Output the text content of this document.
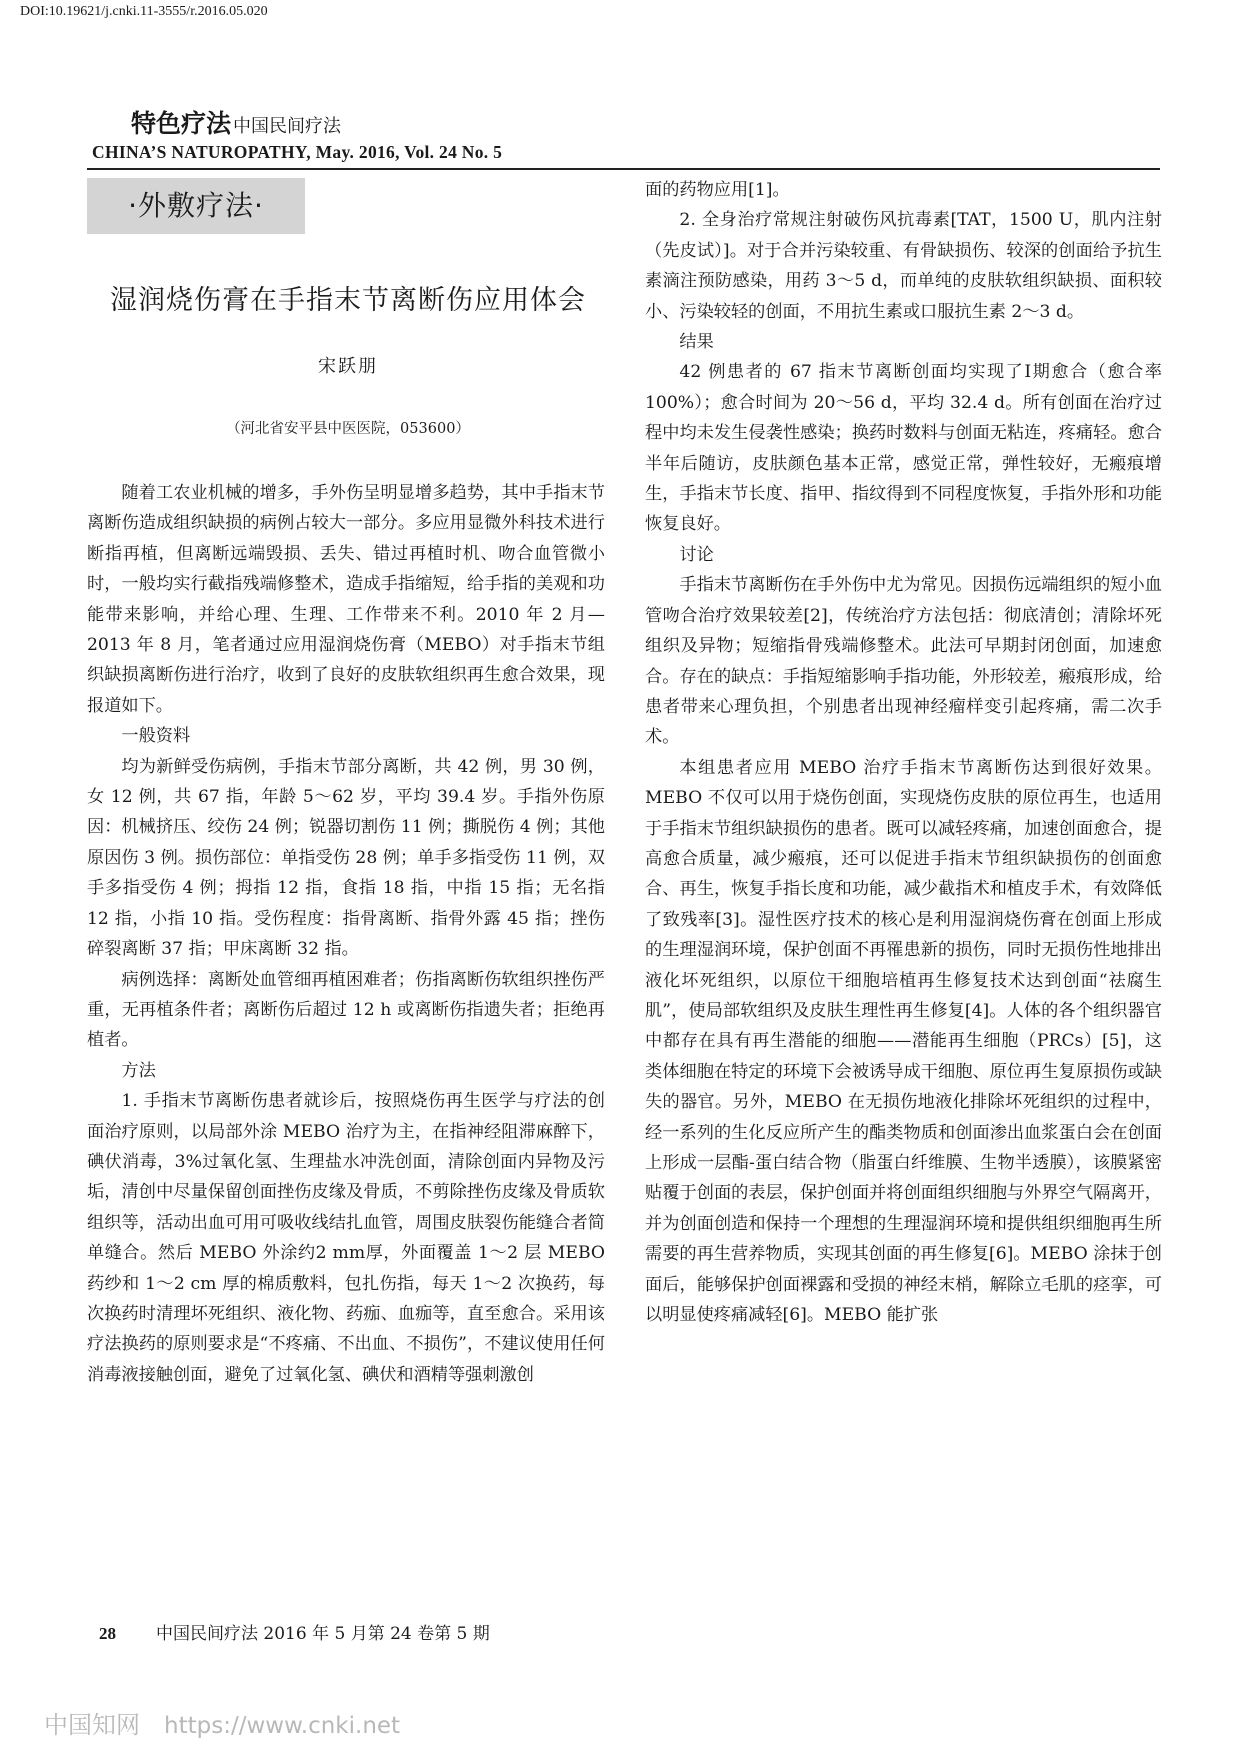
DOI:10.19621/j.cnki.11-3555/r.2016.05.020
特色疗法 中国民间疗法
CHINA’S NATUROPATHY, May. 2016, Vol. 24 No. 5
·外敷疗法·
湿润烧伤膏在手指末节离断伤应用体会
宋跃朋
（河北省安平县中医医院，053600）

随着工农业机械的增多，手外伤呈明显增多趋势，其中手指末节离断伤造成组织缺损的病例占较大一部分。多应用显微外科技术进行断指再植，但离断远端毁损、丢失、错过再植时机、吻合血管微小时，一般均实行截指残端修整术，造成手指缩短，给手指的美观和功能带来影响，并给心理、生理、工作带来不利。2010 年 2 月—2013 年 8 月，笔者通过应用湿润烧伤膏（MEBO）对手指末节组织缺损离断伤进行治疗，收到了良好的皮肤软组织再生愈合效果，现报道如下。

一般资料

均为新鲜受伤病例，手指末节部分离断，共 42 例，男 30 例，女 12 例，共 67 指，年龄 5～62 岁，平均 39.4 岁。手指外伤原因：机械挤压、绞伤 24 例；锐器切割伤 11 例；撕脱伤 4 例；其他原因伤 3 例。损伤部位：单指受伤 28 例；单手多指受伤 11 例，双手多指受伤 4 例；拇指 12 指，食指 18 指，中指 15 指；无名指 12 指，小指 10 指。受伤程度：指骨离断、指骨外露 45 指；挫伤碎裂离断 37 指；甲床离断 32 指。

病例选择：离断处血管细再植困难者；伤指离断伤软组织挫伤严重，无再植条件者；离断伤后超过 12 h 或离断伤指遗失者；拒绝再植者。

方法

1. 手指末节离断伤患者就诊后，按照烧伤再生医学与疗法的创面治疗原则，以局部外涂 MEBO 治疗为主，在指神经阻滞麻醉下，碘伏消毒，3%过氧化氢、生理盐水冲洗创面，清除创面内异物及污垢，清创中尽量保留创面挫伤皮缘及骨质，不剪除挫伤皮缘及骨质软组织等，活动出血可用可吸收线结扎血管，周围皮肤裂伤能缝合者简单缝合。然后 MEBO 外涂约2 mm厚，外面覆盖 1～2 层 MEBO 药纱和 1～2 cm 厚的棉质敷料，包扎伤指，每天 1～2 次换药，每次换药时清理坏死组织、液化物、药痂、血痂等，直至愈合。采用该疗法换药的原则要求是“不疼痛、不出血、不损伤”，不建议使用任何消毒液接触创面，避免了过氧化氢、碘伏和酒精等强刺激创

面的药物应用[1]。

2. 全身治疗常规注射破伤风抗毒素[TAT，1500 U，肌内注射（先皮试）]。对于合并污染较重、有骨缺损伤、较深的创面给予抗生素滴注预防感染，用药 3～5 d，而单纯的皮肤软组织缺损、面积较小、污染较轻的创面，不用抗生素或口服抗生素 2～3 d。

结果

42 例患者的 67 指末节离断创面均实现了Ⅰ期愈合（愈合率 100%）；愈合时间为 20～56 d，平均 32.4 d。所有创面在治疗过程中均未发生侵袭性感染；换药时数料与创面无粘连，疼痛轻。愈合半年后随访，皮肤颜色基本正常，感觉正常，弹性较好，无瘢痕增生，手指末节长度、指甲、指纹得到不同程度恢复，手指外形和功能恢复良好。

讨论

手指末节离断伤在手外伤中尤为常见。因损伤远端组织的短小血管吻合治疗效果较差[2]，传统治疗方法包括：彻底清创；清除坏死组织及异物；短缩指骨残端修整术。此法可早期封闭创面，加速愈合。存在的缺点：手指短缩影响手指功能，外形较差，瘢痕形成，给患者带来心理负担，个别患者出现神经瘤样变引起疼痛，需二次手术。

本组患者应用 MEBO 治疗手指末节离断伤达到很好效果。MEBO 不仅可以用于烧伤创面，实现烧伤皮肤的原位再生，也适用于手指末节组织缺损伤的患者。既可以减轻疼痛，加速创面愈合，提高愈合质量，减少瘢痕，还可以促进手指末节组织缺损伤的创面愈合、再生，恢复手指长度和功能，减少截指术和植皮手术，有效降低了致残率[3]。湿性医疗技术的核心是利用湿润烧伤膏在创面上形成的生理湿润环境，保护创面不再罹患新的损伤，同时无损伤性地排出液化坏死组织，以原位干细胞培植再生修复技术达到创面“祛腐生肌”，使局部软组织及皮肤生理性再生修复[4]。人体的各个组织器官中都存在具有再生潜能的细胞——潜能再生细胞（PRCs）[5]，这类体细胞在特定的环境下会被诱导成干细胞、原位再生复原损伤或缺失的器官。另外，MEBO 在无损伤地液化排除坏死组织的过程中，经一系列的生化反应所产生的酯类物质和创面渗出血浆蛋白会在创面上形成一层酯-蛋白结合物（脂蛋白纤维膜、生物半透膜），该膜紧密贴覆于创面的表层，保护创面并将创面组织细胞与外界空气隔离开，并为创面创造和保持一个理想的生理湿润环境和提供组织细胞再生所需要的再生营养物质，实现其创面的再生修复[6]。MEBO 涂抹于创面后，能够保护创面裸露和受损的神经末梢，解除立毛肌的痉挛，可以明显使疼痛减轻[6]。MEBO 能扩张

28 中国民间疗法 2016 年 5 月第 24 卷第 5 期
中国知网 https://www.cnki.net
